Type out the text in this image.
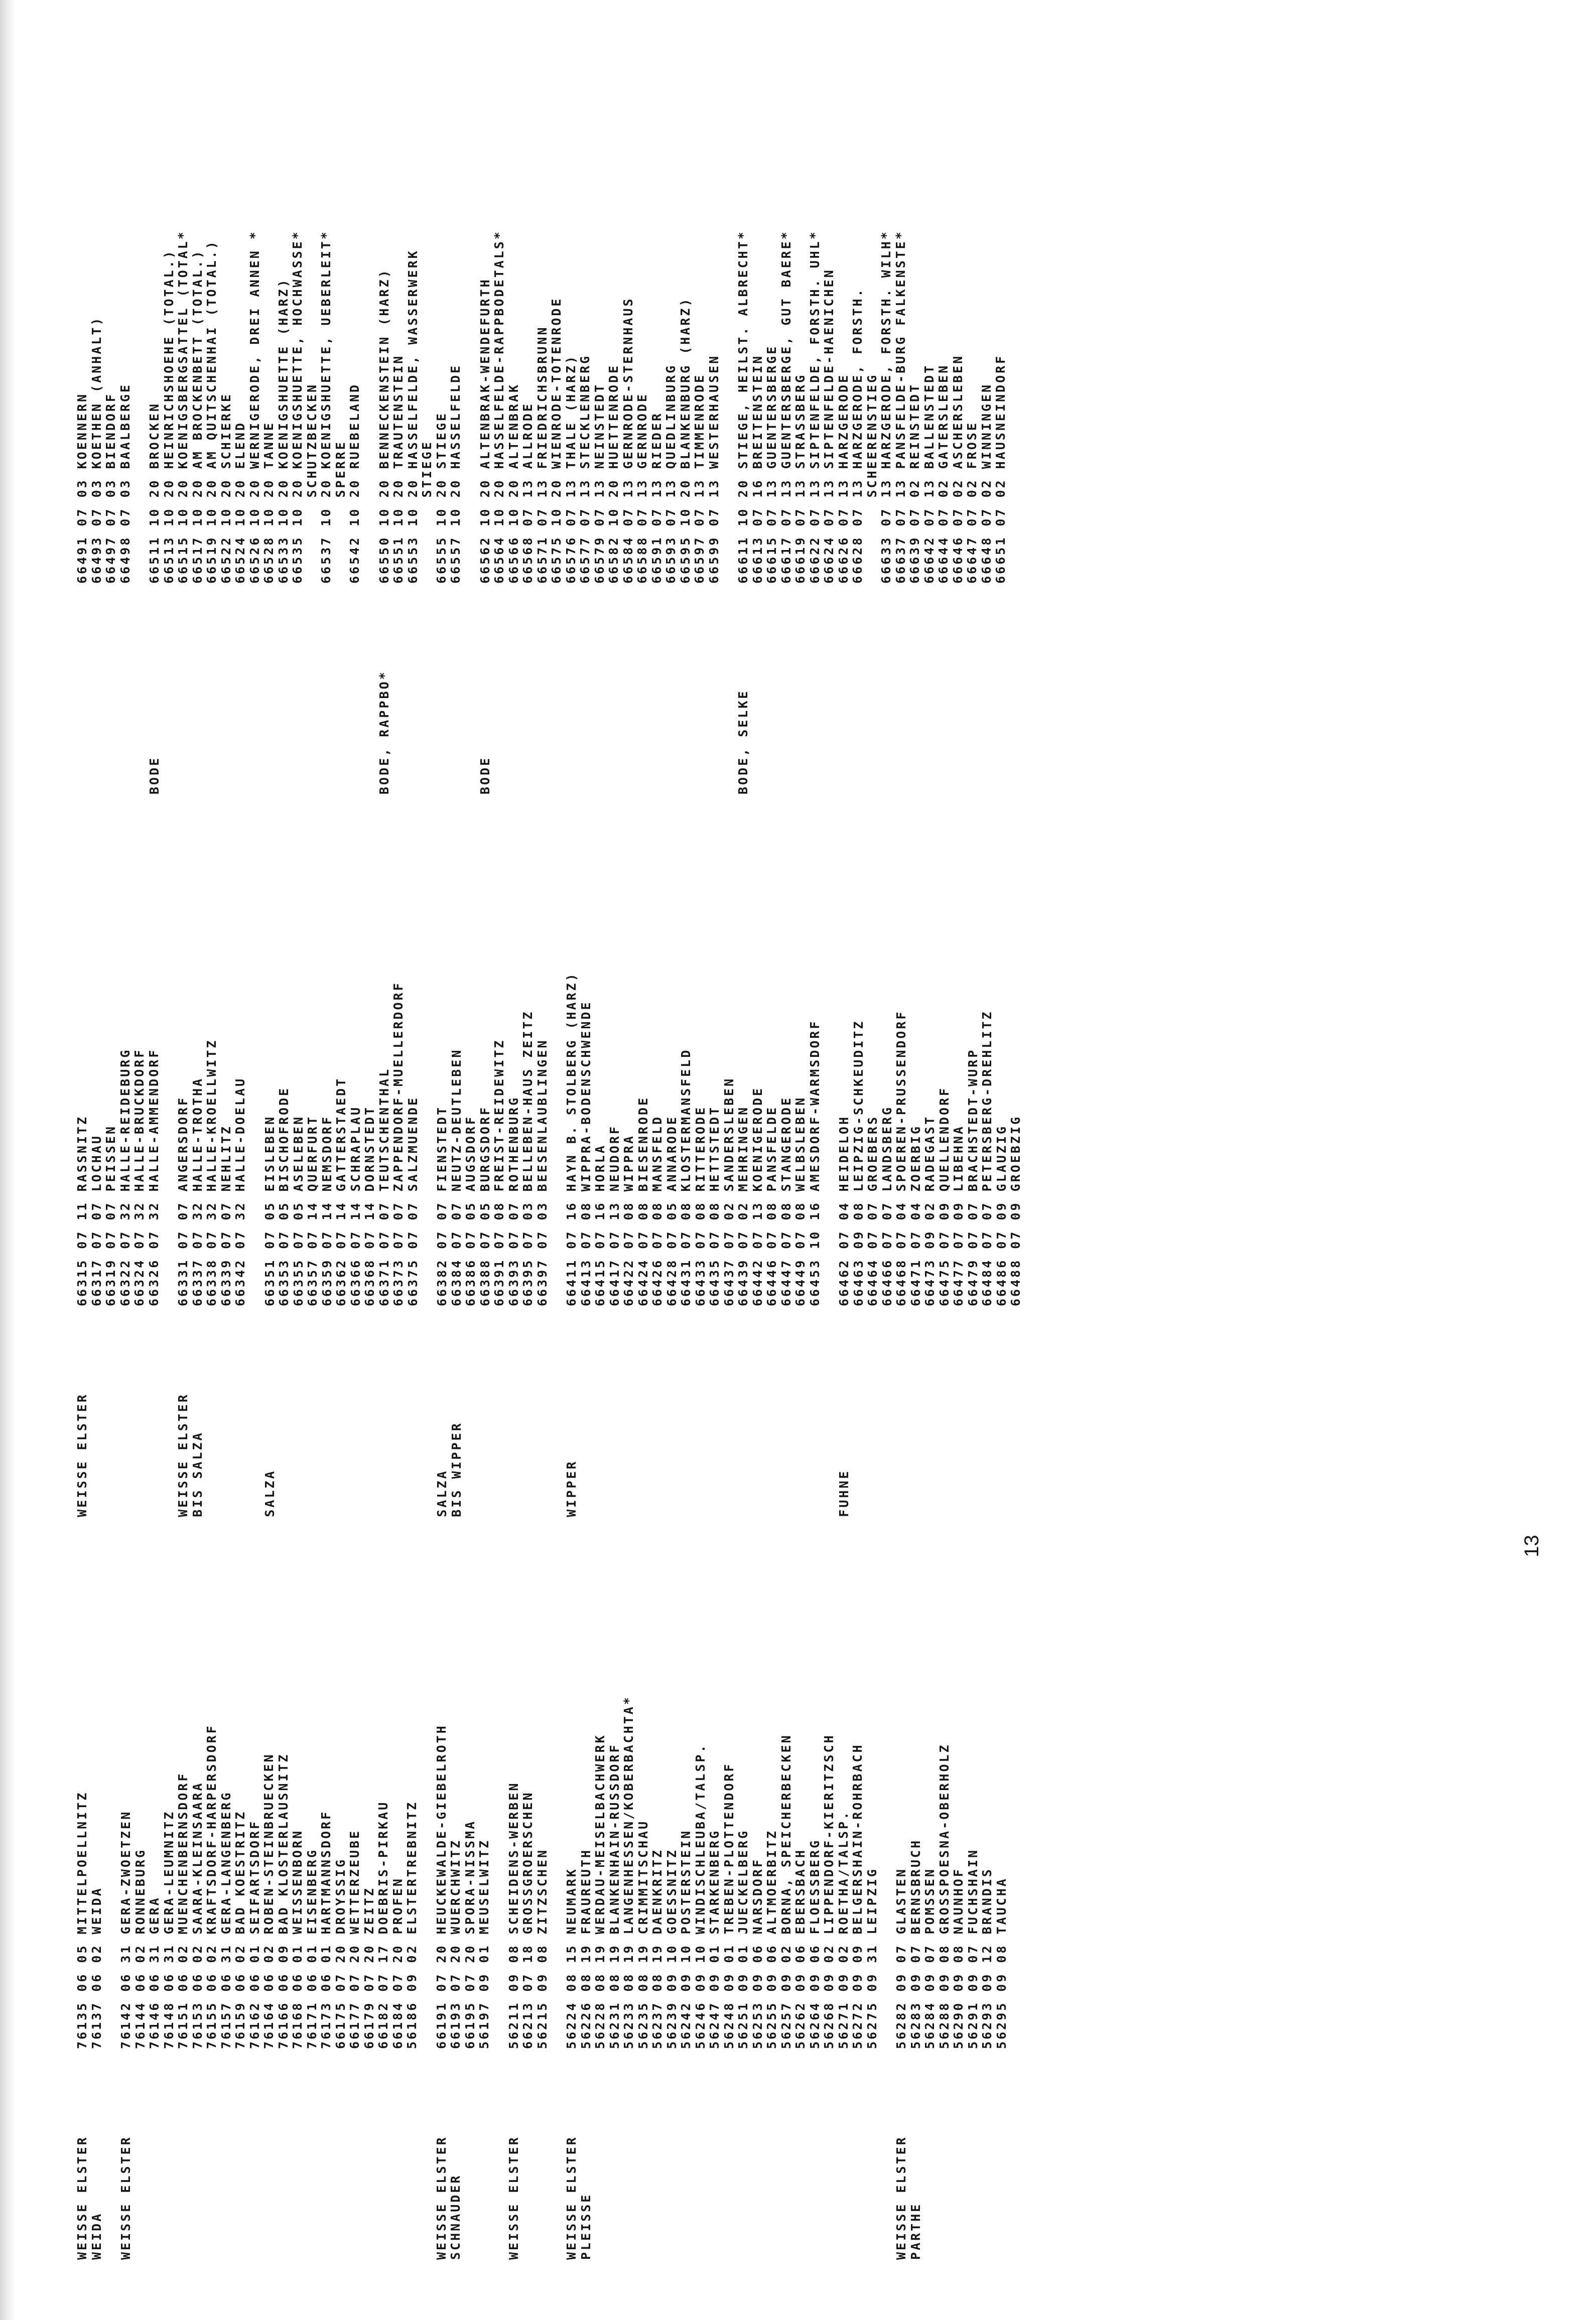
WEISSE ELSTER
WEIDA
76135 06 05 MITTELPOELLNITZ 76137 06 02 WEIDA
WEISSE ELSTER
76142 06 31 GERA-ZWOETZEN 76144 06 02 RONNEBURG 76146 06 31 GERA 76148 06 31 GERA-LEUMNITZ 76151 06 02 MUENCHENBERNSDORF 76153 06 02 SAARA-KLEINSAARA 76155 06 02 KRAFTSDORF-HARPERSDORF 76157 06 31 GERA-LANGENBERG 76159 06 02 BAD KOESTRITZ 76162 06 01 SEIFARTSDORF 76164 06 02 ROBEN-STEINBRUECKEN 76166 06 09 BAD KLOSTERLAUSNITZ 76168 06 01 WEISSENBORN 76171 06 01 EISENBERG 76173 06 01 HARTMANNSDORF 66175 07 20 DROYSSIG 66177 07 20 WETTERZEUBE 66179 07 20 ZEITZ 66182 07 17 DOEBRIS-PIRKAU 66184 07 20 PROFEN 56186 09 02 ELSTERTREBNITZ
WEISSE ELSTER
SCHNAUDER
66191 07 20 HEUCKEWALDE-GIEBELROTH 66193 07 20 WUERCHWITZ 66195 07 20 SPORA-NISSMA 56197 09 01 MEUSELWITZ
WEISSE ELSTER
56211 09 08 SCHEIDENS-WERBEN 66213 07 18 GROSSGROERSCHEN 56215 09 08 ZITZSCHEN
WEISSE ELSTER
PLEISSE
56224 08 15 NEUMARK 56226 08 19 FRAUREUTH 56228 08 19 WERDAU-MEISELBACHWERK 56231 08 19 BLANKENHAIN-RUSSDORF 56233 08 19 LANGENHESSEN/KOBERBACHTA* 56235 08 19 CRIMMITSCHAU 56237 08 19 DAENKRITZ 56239 09 10 GOESSNITZ 56242 09 10 POSTERSTEIN 56246 09 10 WINDISCHLEUBA/TALSP. 56247 09 01 STARKENBERG 56248 09 01 TREBEN-PLOTTENDORF 56251 09 01 JUECKELBERG 56253 09 06 NARSDORF 56255 09 06 ALTMOERBITZ 56257 09 02 BORNA, SPEICHERBECKEN 56262 09 06 EBERSBACH 56264 09 06 FLOESSBERG 56268 09 02 LIPPENDORF-KIERITZSCH 56271 09 02 ROETHA/TALSP. 56272 09 09 BELGERSHAIN-ROHRBACH 56275 09 31 LEIPZIG
WEISSE ELSTER
PARTHE
56282 09 07 GLASTEN 56283 09 07 BERNSBRUCH 56284 09 07 POMSSEN 56288 09 08 GROSSPOESNA-OBERHOLZ 56290 09 08 NAUNHOF 56291 09 07 FUCHSHAIN 56293 09 12 BRANDIS 56295 09 08 TAUCHA
WEISSE ELSTER
66315 07 11 RASSNITZ 66317 07 07 LOCHAU 66319 07 07 PEISSEN 66322 07 32 HALLE-REIDEBURG 66324 07 32 HALLE-BRUCKDORF 66326 07 32 HALLE-AMMENDORF
WEISSE ELSTER
BIS SALZA
66331 07 07 ANGERSDORF 66337 07 32 HALLE-TROTHA 66338 07 32 HALLE-KROELLWITZ 66339 07 07 NEHLITZ 66342 07 32 HALLE-DOELAU
SALZA
66351 07 05 EISLEBEN 66353 07 05 BISCHOFRODE 66355 07 05 ASELEBEN 66357 07 14 QUERFURT 66359 07 14 NEMSDORF 66362 07 14 GATTERSTAEDT 66366 07 14 SCHRAPLAU 66368 07 14 DORNSTEDT 66371 07 07 TEUTSCHENTHAL 66373 07 07 ZAPPENDORF-MUELLERDORF 66375 07 07 SALZMUENDE
SALZA
BIS WIPPER
66382 07 07 FIENSTEDT 66384 07 07 NEUTZ-DEUTLEBEN 66386 07 05 AUGSDORF 66388 07 05 BURGSDORF 66391 07 08 FREIST-REIDEWITZ 66393 07 07 ROTHENBURG 66395 07 03 BELLEBEN-HAUS ZEITZ 66397 07 03 BEESENLAUBLINGEN
WIPPER
66411 07 16 HAYN B. STOLBERG (HARZ) 66413 07 08 WIPPRA-BODENSCHWENDE 66415 07 16 HORLA 66417 07 13 NEUDORF 66422 07 08 WIPPRA 66424 07 08 BIESENRODE 66426 07 08 MANSFELD 66428 07 05 ANNARODE 66431 07 08 KLOSTERMANSFELD 66433 07 08 RITTERODE 66435 07 08 HETTSTEDT 66437 07 02 SANDERSLEBEN 66439 07 02 MEHRINGEN 66442 07 13 KOENIGERODE 66446 07 08 PANSFELDE 66447 07 08 STANGERODE 66449 07 08 WELBSLEBEN 66453 10 16 AMESDORF-WARMSDORF
FUHNE
66462 07 04 HEIDELOH 66463 09 08 LEIPZIG-SCHKEUDITZ 66464 07 07 GROEBERS 66466 07 07 LANDSBERG 66468 07 04 SPOEREN-PRUSSENDORF 66471 07 04 ZOERBIG 66473 09 02 RADEGAST 66475 07 09 QUELLENDORF 66477 07 09 LIBEHNA 66479 07 07 BRACHSTEDT-WURP 66484 07 07 PETERSBERG-DREHLITZ 66486 07 09 GLAUZIG 66488 07 09 GROEBZIG
66491 07 03 KOENNERN 66493 07 03 KOETHEN (ANHALT) 66497 07 03 BIENDORF 66498 07 03 BAALBERGE
BODE
66511 10 20 BROCKEN 66513 10 20 HEINRICHSHOEHE (TOTAL.) 66515 10 20 KOENIGSBERGSATTEL (TOTAL* 66517 10 20 AM BROCKENBETT (TOTAL.) 66519 10 20 AM QUITSCHENHAI (TOTAL.) 66522 10 20 SCHIERKE 66524 10 20 ELEND 66526 10 20 WERNIGERODE, DREI ANNEN * 66528 10 20 TANNE 66533 10 20 KOENIGSHUETTE (HARZ) 66535 10 20 KOENIGSHUETTE, HOCHWASSE* SCHUTZBECKEN 66537 10 20 KOENIGSHUETTE, UEBERLEIT* SPERRE 66542 10 20 RUEBELAND
BODE, RAPPBO*
66550 10 20 BENNECKENSTEIN (HARZ) 66551 10 20 TRAUTENSTEIN 66553 10 20 HASSELFELDE, WASSERWERK STIEGE 66555 10 20 STIEGE 66557 10 20 HASSELFELDE
BODE
66562 10 20 ALTENBRAK-WENDEFURTH 66564 10 20 HASSELFELDE-RAPPBODETALS* 66566 10 20 ALTENBRAK 66568 07 13 ALLRODE 66571 07 13 FRIEDRICHSBRUNN 66575 10 20 WIENRODE-TOTENRODE 66576 07 13 THALE (HARZ) 66577 07 13 STECKLENBERG 66579 07 13 NEINSTEDT 66582 10 20 HUETTENRODE 66584 07 13 GERNRODE-STERNHAUS 66588 07 13 GERNRODE 66591 07 13 RIEDER 66593 07 13 QUEDLINBURG 66595 10 20 BLANKENBURG (HARZ) 66597 07 13 TIMMENRODE 66599 07 13 WESTERHAUSEN
BODE, SELKE
66611 10 20 STIEGE, HEILST. ALBRECHT* 66613 07 16 BREITENSTEIN 66615 07 13 GUENTERSBERGE 66617 07 13 GUENTERSBERGE, GUT BAERE* 66619 07 13 STRASSBERG 66622 07 13 SIPTENFELDE, FORSTH. UHL* 66624 07 13 SIPTENFELDE-HAENICHEN 66626 07 13 HARZGERODE 66628 07 13 HARZGERODE, FORSTH. SCHEERENSTIEG 66633 07 13 HARZGERODE, FORSTH. WILH* 66637 07 13 PANSFELDE-BURG FALKENSTE* 66639 07 02 REINSTEDT 66642 07 13 BALLENSTEDT 66644 07 02 GATERSLEBEN 66646 07 02 ASCHERSLEBEN 66647 07 02 FROSE 66648 07 02 WINNINGEN 66651 07 02 HAUSNEINDORF
13
